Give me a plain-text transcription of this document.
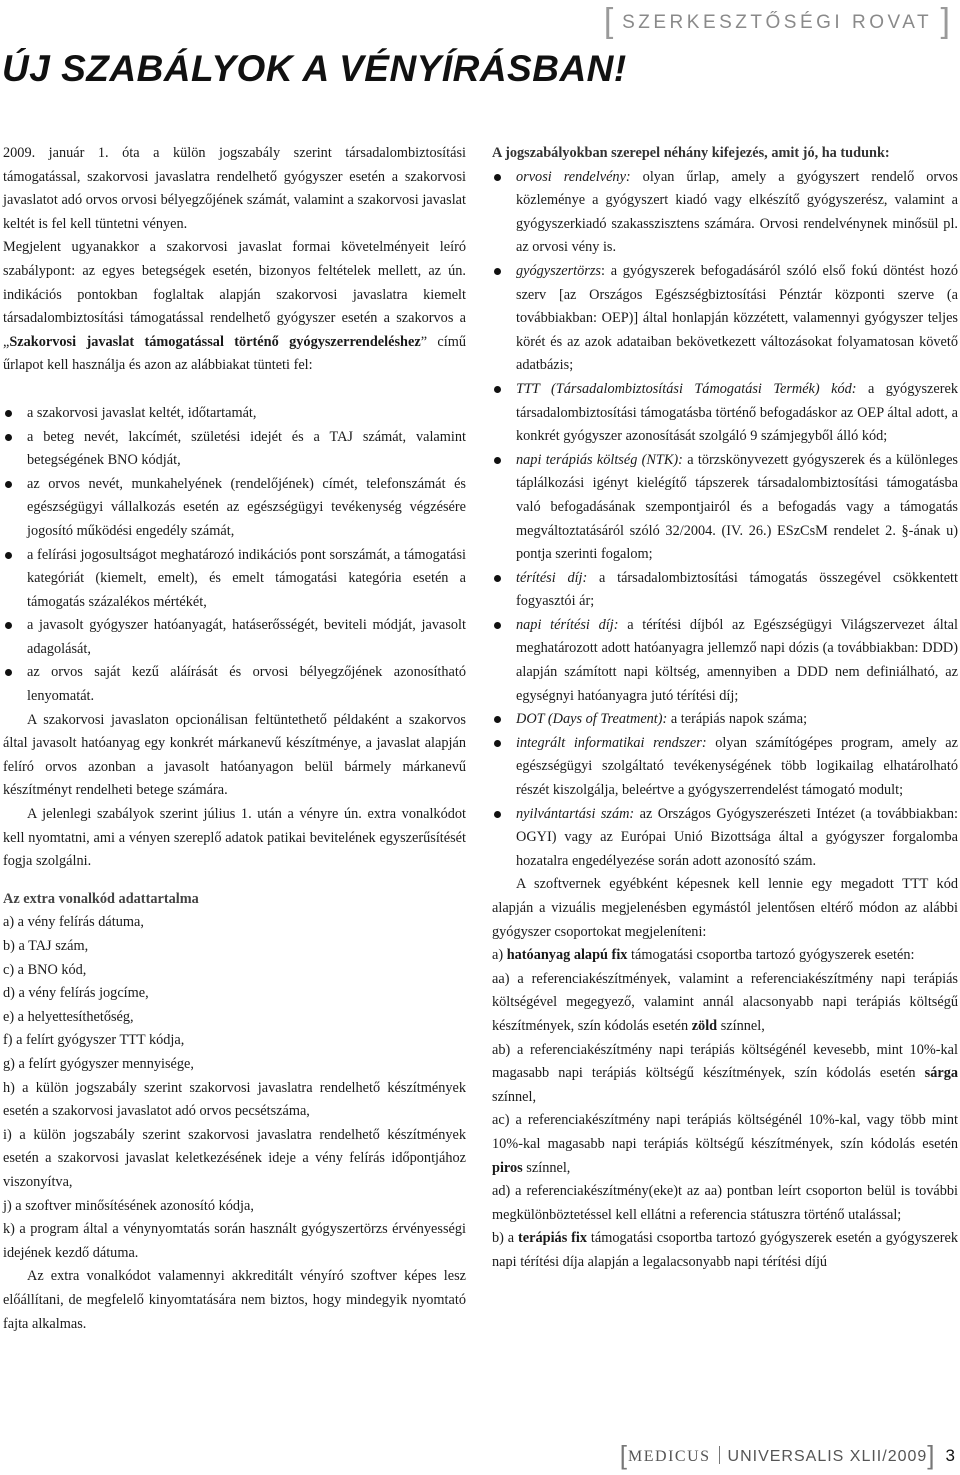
[ SZERKESZTŐSÉGI ROVAT ]
ÚJ SZABÁLYOK A VÉNYÍRÁSBAN!

2009. január 1. óta a külön jogszabály szerint társadalombiztosítási támogatással, szakorvosi javaslatra rendelhető gyógyszer esetén a szakorvosi javaslatot adó orvos orvosi bélyegzőjének számát, valamint a szakorvosi javaslat keltét is fel kell tüntetni vényen.

Megjelent ugyanakkor a szakorvosi javaslat formai követelményeit leíró szabálypont: az egyes betegségek esetén, bizonyos feltételek mellett, az ún. indikációs pontokban foglaltak alapján szakorvosi javaslatra kiemelt társadalombiztosítási támogatással rendelhető gyógyszer esetén a szakorvos a „Szakorvosi javaslat támogatással történő gyógyszerrendeléshez” című űrlapot kell használja és azon az alábbiakat tünteti fel:

a szakorvosi javaslat keltét, időtartamát,
a beteg nevét, lakcímét, születési idejét és a TAJ számát, valamint betegségének BNO kódját,
az orvos nevét, munkahelyének (rendelőjének) címét, telefonszámát és egészségügyi vállalkozás esetén az egészségügyi tevékenység végzésére jogosító működési engedély számát,
a felírási jogosultságot meghatározó indikációs pont sorszámát, a támogatási kategóriát (kiemelt, emelt), és emelt támogatási kategória esetén a támogatás százalékos mértékét,
a javasolt gyógyszer hatóanyagát, hatáserősségét, beviteli módját, javasolt adagolását,
az orvos saját kezű aláírását és orvosi bélyegzőjének azonosítható lenyomatát.

A szakorvosi javaslaton opcionálisan feltüntethető példaként a szakorvos által javasolt hatóanyag egy konkrét márkanevű készítménye, a javaslat alapján felíró orvos azonban a javasolt hatóanyagon belül bármely márkanevű készítményt rendelheti betege számára.

A jelenlegi szabályok szerint július 1. után a vényre ún. extra vonalkódot kell nyomtatni, ami a vényen szereplő adatok patikai bevitelének egyszerűsítését fogja szolgálni.

Az extra vonalkód adattartalma

a) a vény felírás dátuma,

b) a TAJ szám,

c) a BNO kód,

d) a vény felírás jogcíme,

e) a helyettesíthetőség,

f) a felírt gyógyszer TTT kódja,

g) a felírt gyógyszer mennyisége,

h) a külön jogszabály szerint szakorvosi javaslatra rendelhető készítmények esetén a szakorvosi javaslatot adó orvos pecsétszáma,

i) a külön jogszabály szerint szakorvosi javaslatra rendelhető készítmények esetén a szakorvosi javaslat keletkezésének ideje a vény felírás időpontjához viszonyítva,

j) a szoftver minősítésének azonosító kódja,

k) a program által a vénynyomtatás során használt gyógyszertörzs érvényességi idejének kezdő dátuma.

Az extra vonalkódot valamennyi akkreditált vényíró szoftver képes lesz előállítani, de megfelelő kinyomtatására nem biztos, hogy mindegyik nyomtató fajta alkalmas.

A jogszabályokban szerepel néhány kifejezés, amit jó, ha tudunk:
orvosi rendelvény: olyan űrlap, amely a gyógyszert rendelő orvos közleménye a gyógyszert kiadó vagy elkészítő gyógyszerész, valamint a gyógyszerkiadó szakasszisztens számára. Orvosi rendelvénynek minősül pl. az orvosi vény is.
gyógyszertörzs: a gyógyszerek befogadásáról szóló első fokú döntést hozó szerv [az Országos Egészségbiztosítási Pénztár központi szerve (a továbbiakban: OEP)] által honlapján közzétett, valamennyi gyógyszer teljes körét és az azok adataiban bekövetkezett változásokat folyamatosan követő adatbázis;
TTT (Társadalombiztosítási Támogatási Termék) kód: a gyógyszerek társadalombiztosítási támogatásba történő befogadáskor az OEP által adott, a konkrét gyógyszer azonosítását szolgáló 9 számjegyből álló kód;
napi terápiás költség (NTK): a törzskönyvezett gyógyszerek és a különleges táplálkozási igényt kielégítő tápszerek társadalombiztosítási támogatásba való befogadásának szempontjairól és a befogadás vagy a támogatás megváltoztatásáról szóló 32/2004. (IV. 26.) ESzCsM rendelet 2. §-ának u) pontja szerinti fogalom;
térítési díj: a társadalombiztosítási támogatás összegével csökkentett fogyasztói ár;
napi térítési díj: a térítési díjból az Egészségügyi Világszervezet által meghatározott adott hatóanyagra jellemző napi dózis (a továbbiakban: DDD) alapján számított napi költség, amennyiben a DDD nem definiálható, az egységnyi hatóanyagra jutó térítési díj;
DOT (Days of Treatment): a terápiás napok száma;
integrált informatikai rendszer: olyan számítógépes program, amely az egészségügyi szolgáltató tevékenységének több logikailag elhatárolható részét kiszolgálja, beleértve a gyógyszerrendelést támogató modult;
nyilvántartási szám: az Országos Gyógyszerészeti Intézet (a továbbiakban: OGYI) vagy az Európai Unió Bizottsága által a gyógyszer forgalomba hozatalra engedélyezése során adott azonosító szám.

A szoftvernek egyébként képesnek kell lennie egy megadott TTT kód alapján a vizuális megjelenésben egymástól jelentősen eltérő módon az alábbi gyógyszer csoportokat megjeleníteni:

a) hatóanyag alapú fix támogatási csoportba tartozó gyógyszerek esetén:

aa) a referenciakészítmények, valamint a referenciakészítmény napi terápiás költségével megegyező, valamint annál alacsonyabb napi terápiás költségű készítmények, szín kódolás esetén zöld színnel,

ab) a referenciakészítmény napi terápiás költségénél kevesebb, mint 10%-kal magasabb napi terápiás költségű készítmények, szín kódolás esetén sárga színnel,

ac) a referenciakészítmény napi terápiás költségénél 10%-kal, vagy több mint 10%-kal magasabb napi terápiás költségű készítmények, szín kódolás esetén piros színnel,

ad) a referenciakészítmény(eke)t az aa) pontban leírt csoporton belül is további megkülönböztetéssel kell ellátni a referencia státuszra történő utalással;

b) a terápiás fix támogatási csoportba tartozó gyógyszerek esetén a gyógyszerek napi térítési díja alapján a legalacsonyabb napi térítési díjú

[MEDICUS UNIVERSALIS XLII/2009] 3
